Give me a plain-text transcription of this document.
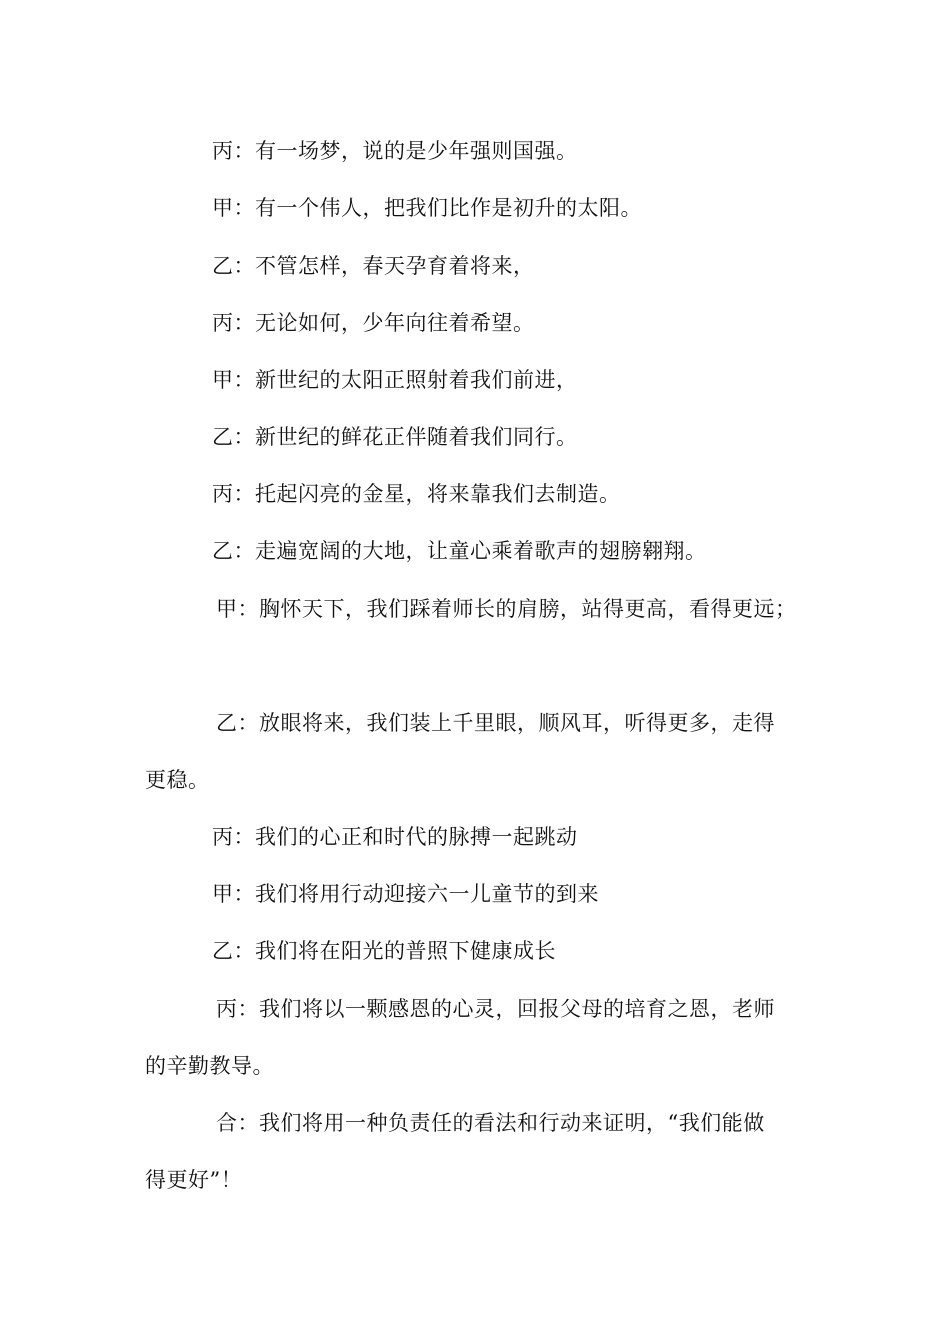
丙：有一场梦，说的是少年强则国强。
甲：有一个伟人，把我们比作是初升的太阳。
乙：不管怎样，春天孕育着将来，
丙：无论如何，少年向往着希望。
甲：新世纪的太阳正照射着我们前进，
乙：新世纪的鲜花正伴随着我们同行。
丙：托起闪亮的金星，将来靠我们去制造。
乙：走遍宽阔的大地，让童心乘着歌声的翅膀翱翔。
甲：胸怀天下，我们踩着师长的肩膀，站得更高，看得更远；
乙：放眼将来，我们装上千里眼，顺风耳，听得更多，走得
更稳。
丙：我们的心正和时代的脉搏一起跳动
甲：我们将用行动迎接六一儿童节的到来
乙：我们将在阳光的普照下健康成长
丙：我们将以一颗感恩的心灵，回报父母的培育之恩，老师
的辛勤教导。
合：我们将用一种负责任的看法和行动来证明，“我们能做
得更好”！
